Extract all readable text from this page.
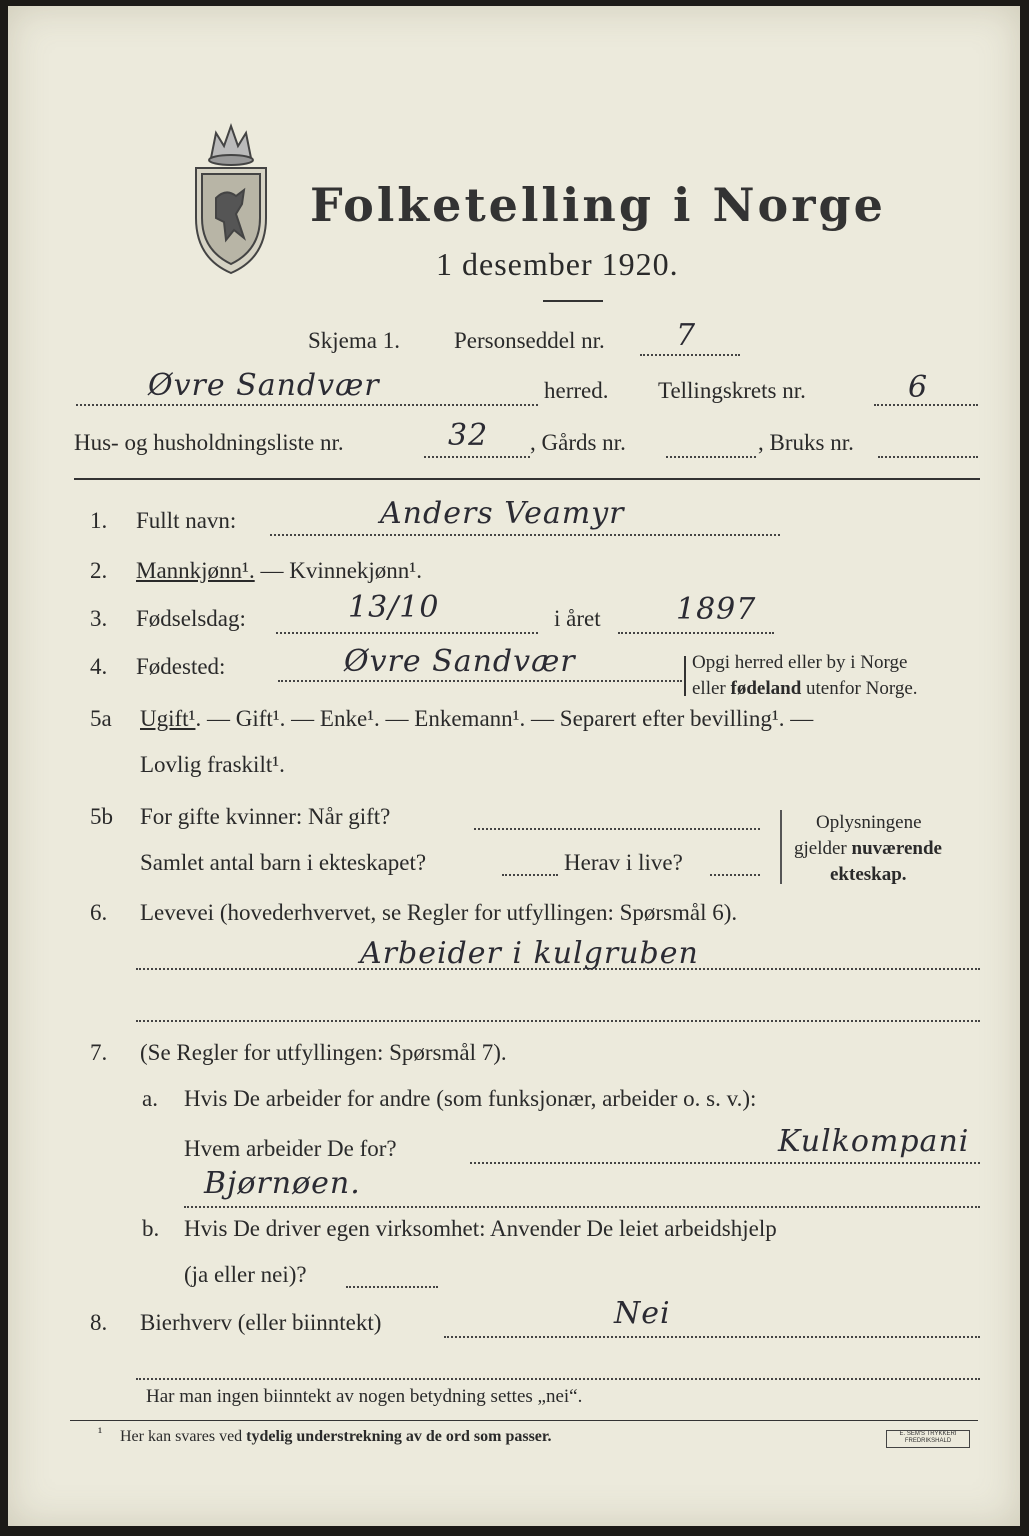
Folketelling i Norge
1 desember 1920.
Skjema 1. Personseddel nr. 7
Øvre Sandvær	herred. Tellingskrets nr.	6
Hus- og husholdningsliste nr.	32 , Gårds nr.	, Bruks nr.
1. Fullt navn:	Anders Veamyr
2. Mannkjønn¹. — Kvinnekjønn¹.
3. Fødselsdag:	13/10	i året	1897
4. Fødested:	Øvre Sandvær	Opgi herred eller by i Norge
eller fødeland utenfor Norge.
5a Ugift¹. — Gift¹. — Enke¹. — Enkemann¹. — Separert efter bevilling¹. —
Lovlig fraskilt¹.
5b For gifte kvinner: Når gift?
Samlet antal barn i ekteskapet?	Herav i live?
Oplysningene
gjelder nuværende
ekteskap.
6. Levevei (hovederhvervet, se Regler for utfyllingen: Spørsmål 6).
Arbeider i kulgruben
7. (Se Regler for utfyllingen: Spørsmål 7).
a. Hvis De arbeider for andre (som funksjonær, arbeider o. s. v.):
Hvem arbeider De for?	Kulkompani
Bjørnøen.
b. Hvis De driver egen virksomhet: Anvender De leiet arbeidshjelp
(ja eller nei)?
8. Bierhverv (eller biinntekt)	Nei
Har man ingen biinntekt av nogen betydning settes „nei“.
¹ Her kan svares ved tydelig understrekning av de ord som passer.	E. SEM'S TRYKKERI FREDRIKSHALD
